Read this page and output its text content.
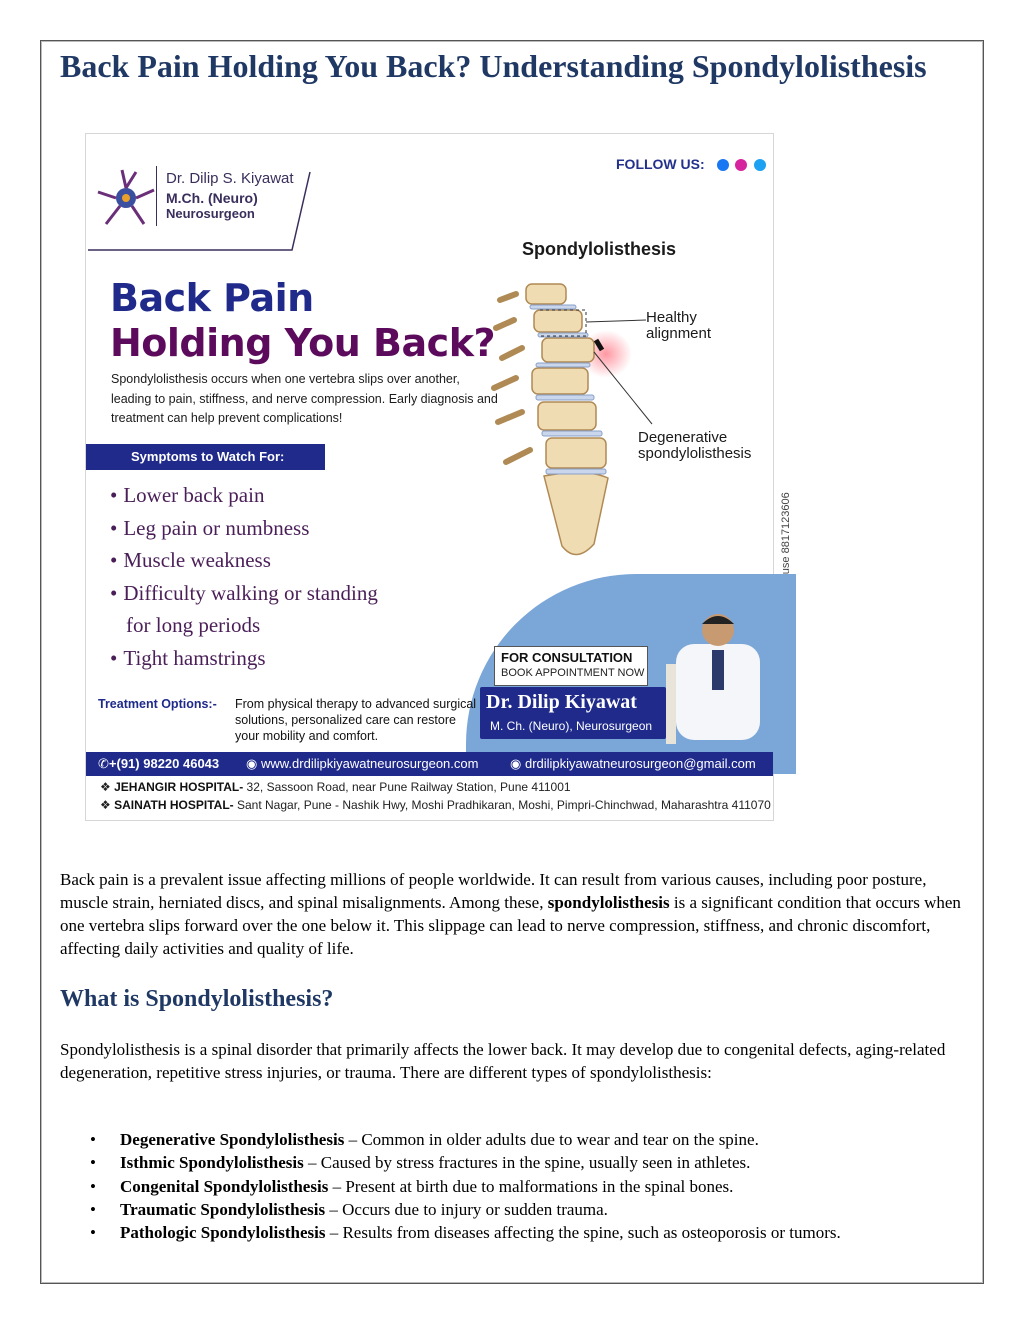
Back Pain Holding You Back? Understanding Spondylolisthesis
Dr. Dilip S. Kiyawat
M.Ch. (Neuro)
Neurosurgeon
FOLLOW US:
Back Pain
Holding You Back?
Spondylolisthesis occurs when one vertebra slips over another, leading to pain, stiffness, and nerve compression. Early diagnosis and treatment can help prevent complications!
Symptoms to Watch For:
• Lower back pain
• Leg pain or numbness
• Muscle weakness
• Difficulty walking or standing
for long periods
• Tight hamstrings
Spondylolisthesis
Healthy alignment
Degenerative spondylolisthesis
FOR CONSULTATION
BOOK APPOINTMENT NOW
Dr. Dilip Kiyawat
M. Ch. (Neuro), Neurosurgeon
Treatment Options:- From physical therapy to advanced surgical solutions, personalized care can restore your mobility and comfort.
✆+(91) 98220 46043 ◉ www.drdilipkiyawatneurosurgeon.com ◉ drdilipkiyawatneurosurgeon@gmail.com
❖ JEHANGIR HOSPITAL- 32, Sassoon Road, near Pune Railway Station, Pune 411001
❖ SAINATH HOSPITAL- Sant Nagar, Pune - Nashik Hwy, Moshi Pradhikaran, Moshi, Pimpri-Chinchwad, Maharashtra 411070

Back pain is a prevalent issue affecting millions of people worldwide. It can result from various causes, including poor posture, muscle strain, herniated discs, and spinal misalignments. Among these, spondylolisthesis is a significant condition that occurs when one vertebra slips forward over the one below it. This slippage can lead to nerve compression, stiffness, and chronic discomfort, affecting daily activities and quality of life.

What is Spondylolisthesis?

Spondylolisthesis is a spinal disorder that primarily affects the lower back. It may develop due to congenital defects, aging-related degeneration, repetitive stress injuries, or trauma. There are different types of spondylolisthesis:

• Degenerative Spondylolisthesis – Common in older adults due to wear and tear on the spine.
• Isthmic Spondylolisthesis – Caused by stress fractures in the spine, usually seen in athletes.
• Congenital Spondylolisthesis – Present at birth due to malformations in the spinal bones.
• Traumatic Spondylolisthesis – Occurs due to injury or sudden trauma.
• Pathologic Spondylolisthesis – Results from diseases affecting the spine, such as osteoporosis or tumors.
